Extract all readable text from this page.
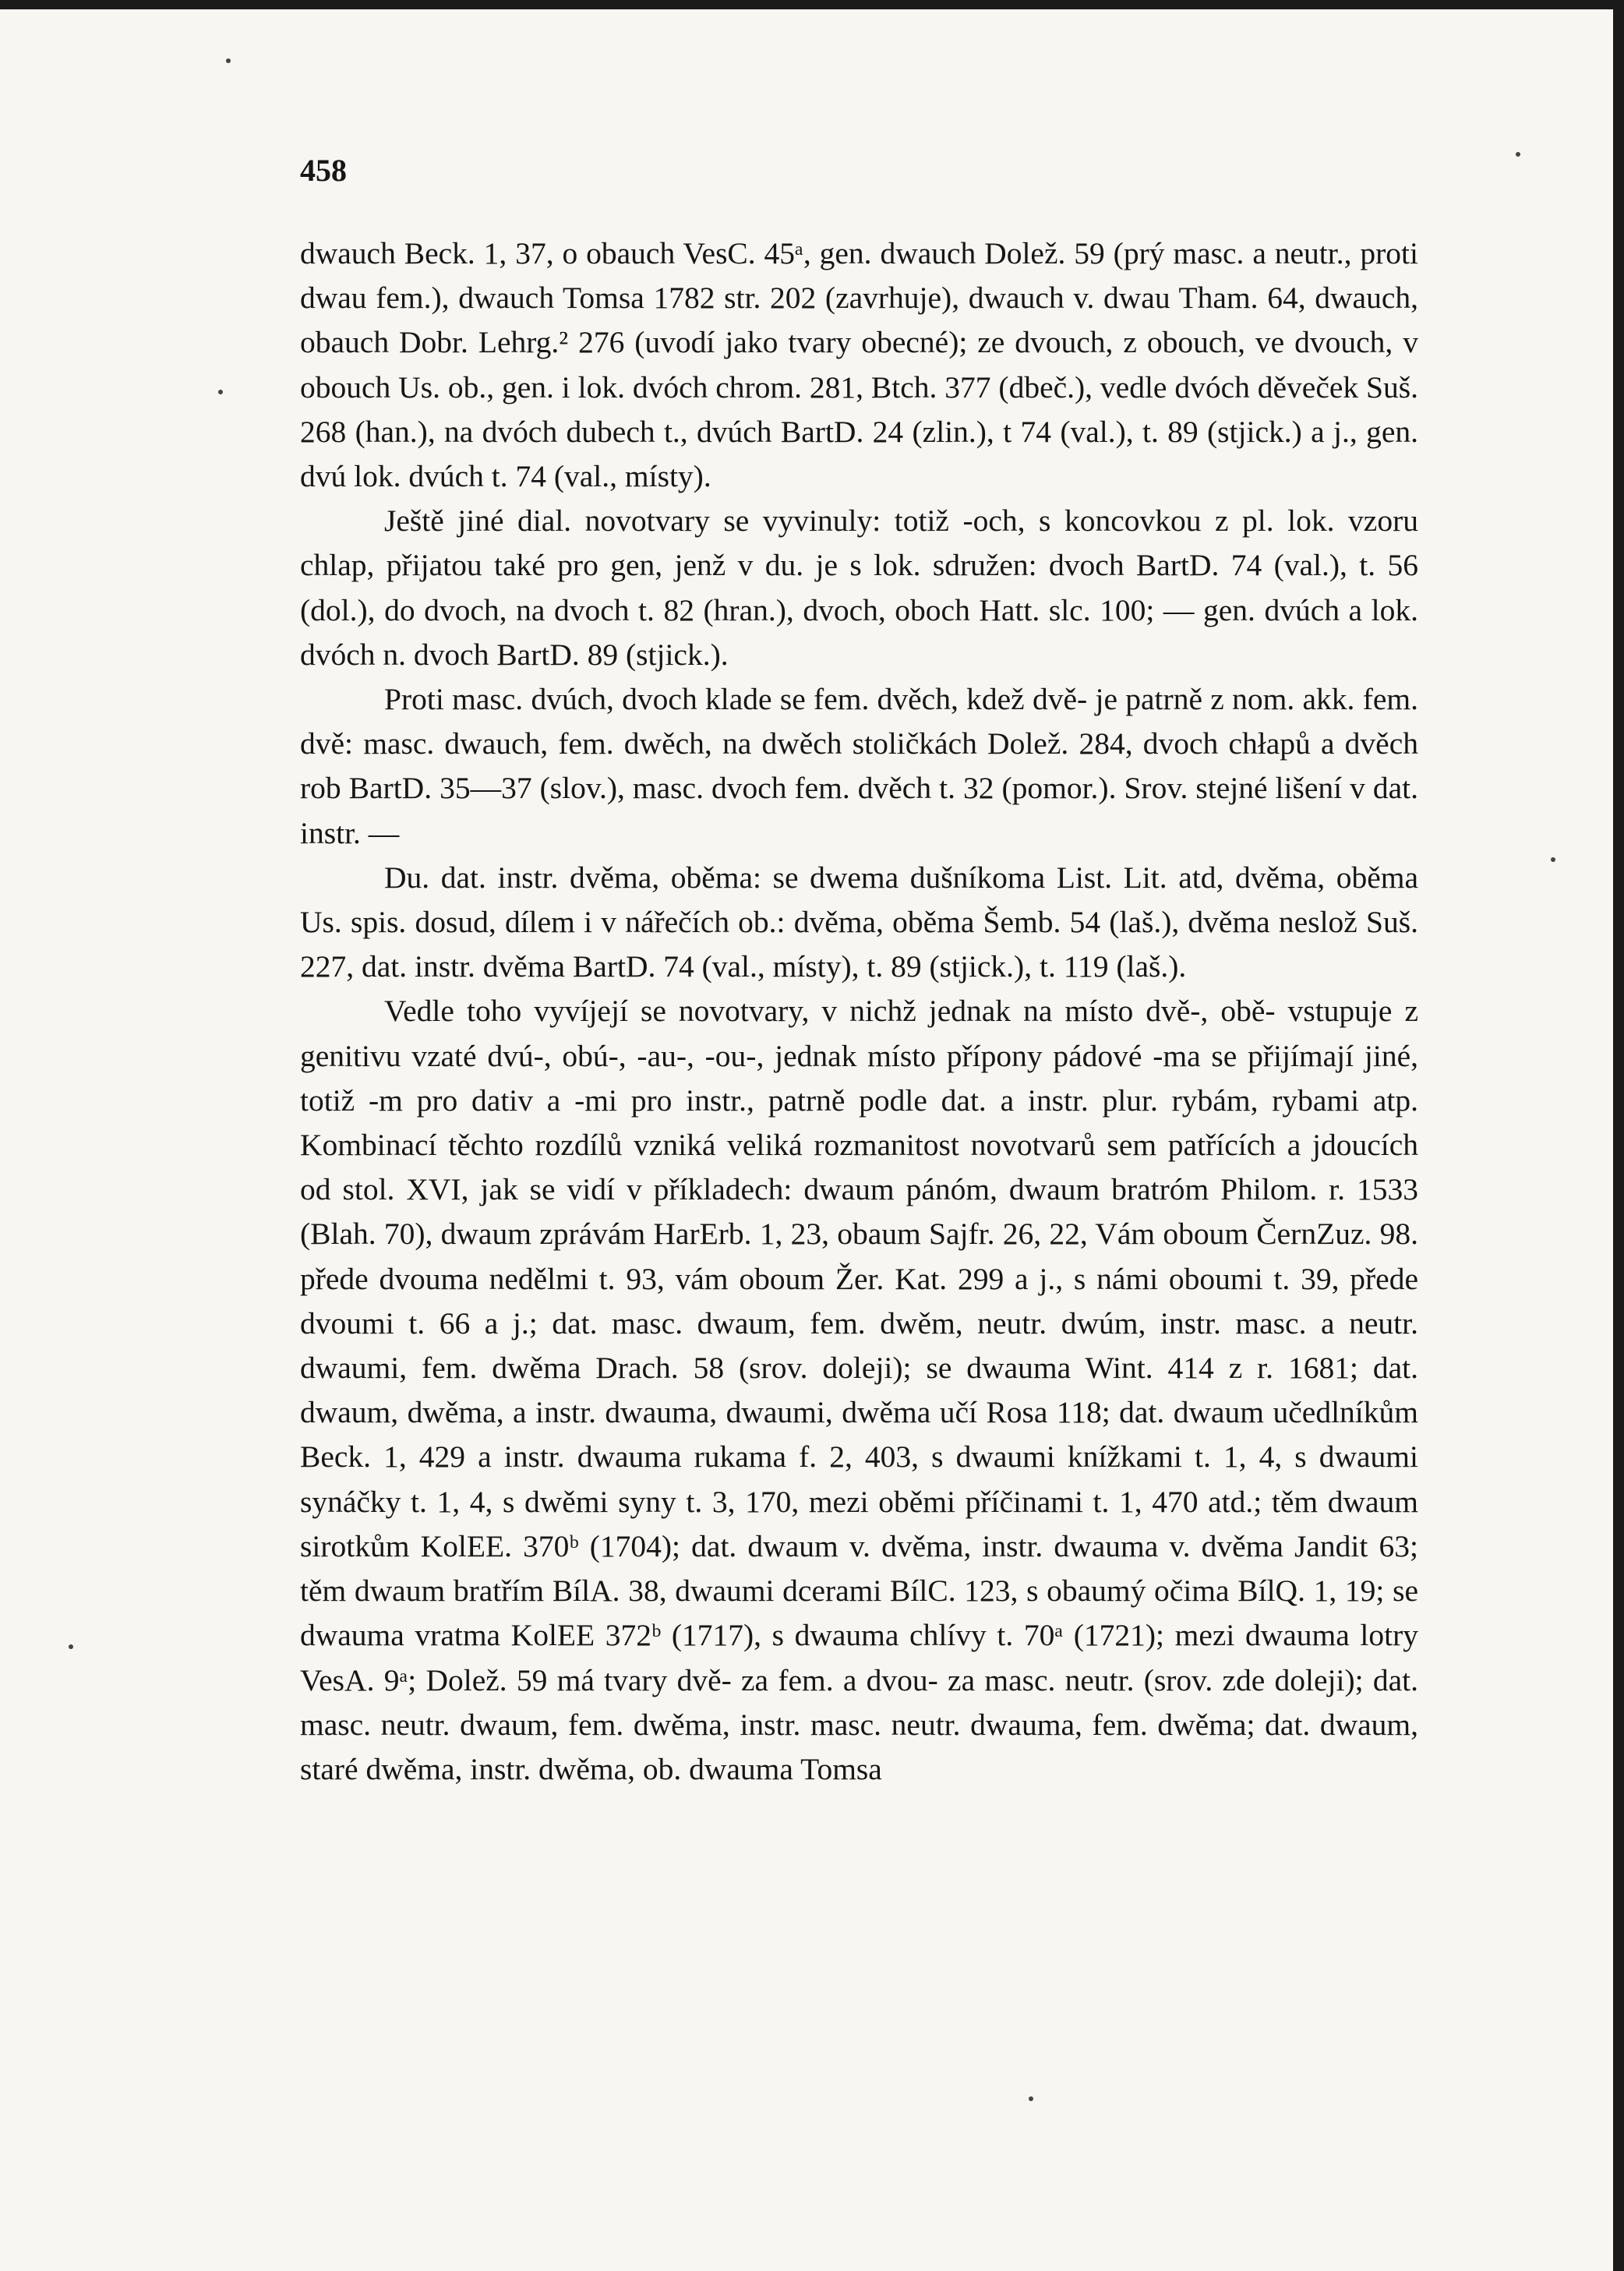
458

dwauch Beck. 1, 37, o obauch VesC. 45ᵃ, gen. dwauch Dolež. 59 (prý masc. a neutr., proti dwau fem.), dwauch Tomsa 1782 str. 202 (zavrhuje), dwauch v. dwau Tham. 64, dwauch, obauch Dobr. Lehrg.² 276 (uvodí jako tvary obecné); ze dvouch, z obouch, ve dvouch, v obouch Us. ob., gen. i lok. dvóch chrom. 281, Btch. 377 (dbeč.), vedle dvóch děveček Suš. 268 (han.), na dvóch dubech t., dvúch BartD. 24 (zlin.), t 74 (val.), t. 89 (stjick.) a j., gen. dvú lok. dvúch t. 74 (val., místy).

Ještě jiné dial. novotvary se vyvinuly: totiž -och, s koncovkou z pl. lok. vzoru chlap, přijatou také pro gen, jenž v du. je s lok. sdružen: dvoch BartD. 74 (val.), t. 56 (dol.), do dvoch, na dvoch t. 82 (hran.), dvoch, oboch Hatt. slc. 100; — gen. dvúch a lok. dvóch n. dvoch BartD. 89 (stjick.).

Proti masc. dvúch, dvoch klade se fem. dvěch, kdež dvě- je patrně z nom. akk. fem. dvě: masc. dwauch, fem. dwěch, na dwěch stoličkách Dolež. 284, dvoch chłapů a dvěch rob BartD. 35—37 (slov.), masc. dvoch fem. dvěch t. 32 (pomor.). Srov. stejné lišení v dat. instr. —

Du. dat. instr. dvěma, oběma: se dwema dušníkoma List. Lit. atd, dvěma, oběma Us. spis. dosud, dílem i v nářečích ob.: dvěma, oběma Šemb. 54 (laš.), dvěma neslož Suš. 227, dat. instr. dvěma BartD. 74 (val., místy), t. 89 (stjick.), t. 119 (laš.).

Vedle toho vyvíjejí se novotvary, v nichž jednak na místo dvě-, obě- vstupuje z genitivu vzaté dvú-, obú-, -au-, -ou-, jednak místo přípony pádové -ma se přijímají jiné, totiž -m pro dativ a -mi pro instr., patrně podle dat. a instr. plur. rybám, rybami atp. Kombinací těchto rozdílů vzniká veliká rozmanitost novotvarů sem patřících a jdoucích od stol. XVI, jak se vidí v příkladech: dwaum pánóm, dwaum bratróm Philom. r. 1533 (Blah. 70), dwaum zprávám HarErb. 1, 23, obaum Sajfr. 26, 22, Vám oboum ČernZuz. 98. přede dvouma nedělmi t. 93, vám oboum Žer. Kat. 299 a j., s námi oboumi t. 39, přede dvoumi t. 66 a j.; dat. masc. dwaum, fem. dwěm, neutr. dwúm, instr. masc. a neutr. dwaumi, fem. dwěma Drach. 58 (srov. doleji); se dwauma Wint. 414 z r. 1681; dat. dwaum, dwěma, a instr. dwauma, dwaumi, dwěma učí Rosa 118; dat. dwaum učedlníkům Beck. 1, 429 a instr. dwauma rukama f. 2, 403, s dwaumi knížkami t. 1, 4, s dwaumi synáčky t. 1, 4, s dwěmi syny t. 3, 170, mezi oběmi příčinami t. 1, 470 atd.; těm dwaum sirotkům KolEE. 370ᵇ (1704); dat. dwaum v. dvěma, instr. dwauma v. dvěma Jandit 63; těm dwaum bratřím BílA. 38, dwaumi dcerami BílC. 123, s obaumý očima BílQ. 1, 19; se dwauma vratma KolEE 372ᵇ (1717), s dwauma chlívy t. 70ᵃ (1721); mezi dwauma lotry VesA. 9ᵃ; Dolež. 59 má tvary dvě- za fem. a dvou- za masc. neutr. (srov. zde doleji); dat. masc. neutr. dwaum, fem. dwěma, instr. masc. neutr. dwauma, fem. dwěma; dat. dwaum, staré dwěma, instr. dwěma, ob. dwauma Tomsa
